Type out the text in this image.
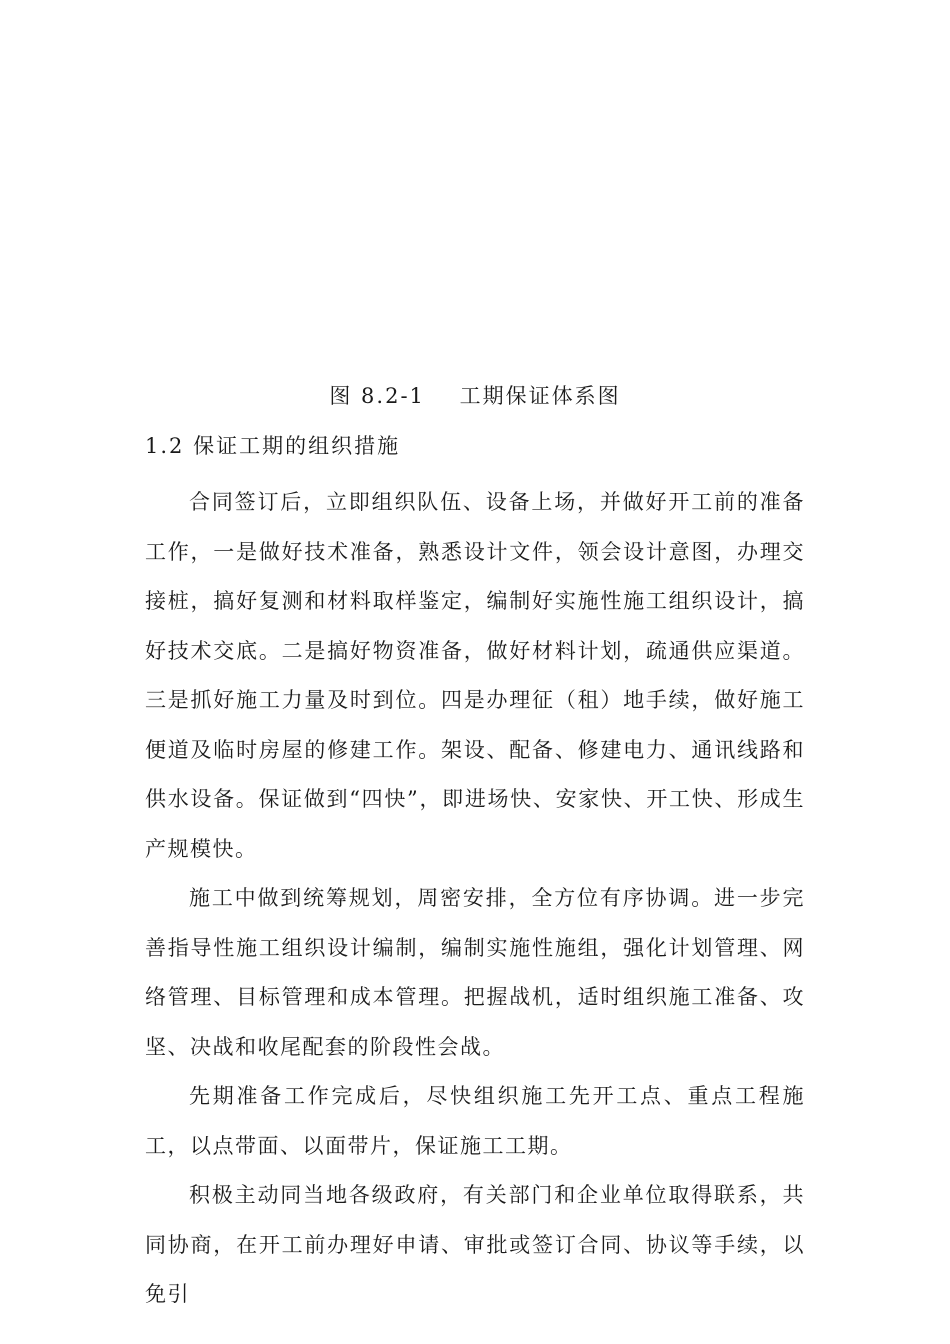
图 8.2-1    工期保证体系图
1.2 保证工期的组织措施

合同签订后，立即组织队伍、设备上场，并做好开工前的准备工作，一是做好技术准备，熟悉设计文件，领会设计意图，办理交接桩，搞好复测和材料取样鉴定，编制好实施性施工组织设计，搞好技术交底。二是搞好物资准备，做好材料计划，疏通供应渠道。三是抓好施工力量及时到位。四是办理征（租）地手续，做好施工便道及临时房屋的修建工作。架设、配备、修建电力、通讯线路和供水设备。保证做到“四快”，即进场快、安家快、开工快、形成生产规模快。

施工中做到统筹规划，周密安排，全方位有序协调。进一步完善指导性施工组织设计编制，编制实施性施组，强化计划管理、网络管理、目标管理和成本管理。把握战机，适时组织施工准备、攻坚、决战和收尾配套的阶段性会战。

先期准备工作完成后，尽快组织施工先开工点、重点工程施工，以点带面、以面带片，保证施工工期。

积极主动同当地各级政府，有关部门和企业单位取得联系，共同协商，在开工前办理好申请、审批或签订合同、协议等手续，以免引
